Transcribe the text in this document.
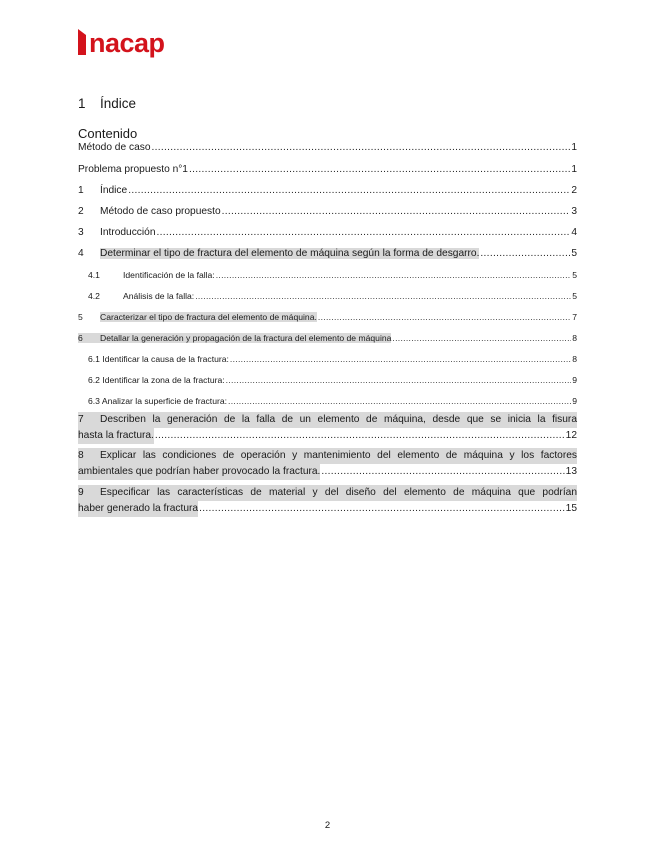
nacap
1 Índice
Contenido
Método de caso .....	1
Problema propuesto n°1 .....	1
1	Índice .....	2
2	Método de caso propuesto .....	3
3	Introducción .....	4
4	Determinar el tipo de fractura del elemento de máquina según la forma de desgarro. .....	5
4.1	Identificación de la falla: .....	5
4.2	Análisis de la falla: .....	5
5	Caracterizar el tipo de fractura del elemento de máquina. .....	7
6	Detallar la generación y propagación de la fractura del elemento de máquina .....	8
6.1 Identificar la causa de la fractura: .....	8
6.2 Identificar la zona de la fractura: .....	9
6.3 Analizar la superficie de fractura: .....	9
7 Describen la generación de la falla de un elemento de máquina, desde que se inicia la fisura
hasta la fractura. .....	12
8 Explicar las condiciones de operación y mantenimiento del elemento de máquina y los factores
ambientales que podrían haber provocado la fractura. .....	13
9 Especificar las características de material y del diseño del elemento de máquina que podrían
haber generado la fractura .....	15
2
